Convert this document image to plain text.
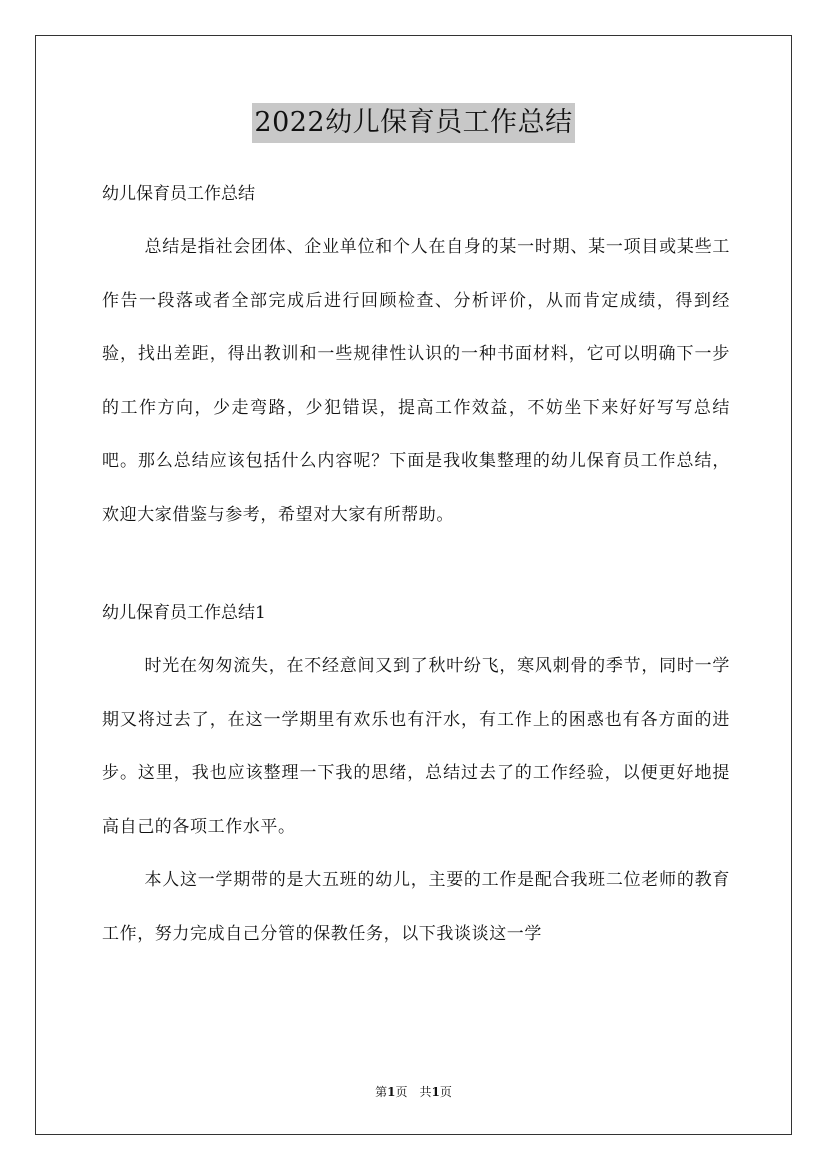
2022幼儿保育员工作总结

幼儿保育员工作总结

总结是指社会团体、企业单位和个人在自身的某一时期、某一项目或某些工作告一段落或者全部完成后进行回顾检查、分析评价，从而肯定成绩，得到经验，找出差距，得出教训和一些规律性认识的一种书面材料，它可以明确下一步的工作方向，少走弯路，少犯错误，提高工作效益，不妨坐下来好好写写总结吧。那么总结应该包括什么内容呢？下面是我收集整理的幼儿保育员工作总结，欢迎大家借鉴与参考，希望对大家有所帮助。

幼儿保育员工作总结1

时光在匆匆流失，在不经意间又到了秋叶纷飞，寒风刺骨的季节，同时一学期又将过去了，在这一学期里有欢乐也有汗水，有工作上的困惑也有各方面的进步。这里，我也应该整理一下我的思绪，总结过去了的工作经验，以便更好地提高自己的各项工作水平。

本人这一学期带的是大五班的幼儿，主要的工作是配合我班二位老师的教育工作，努力完成自己分管的保教任务，以下我谈谈这一学

第1页 共1页
